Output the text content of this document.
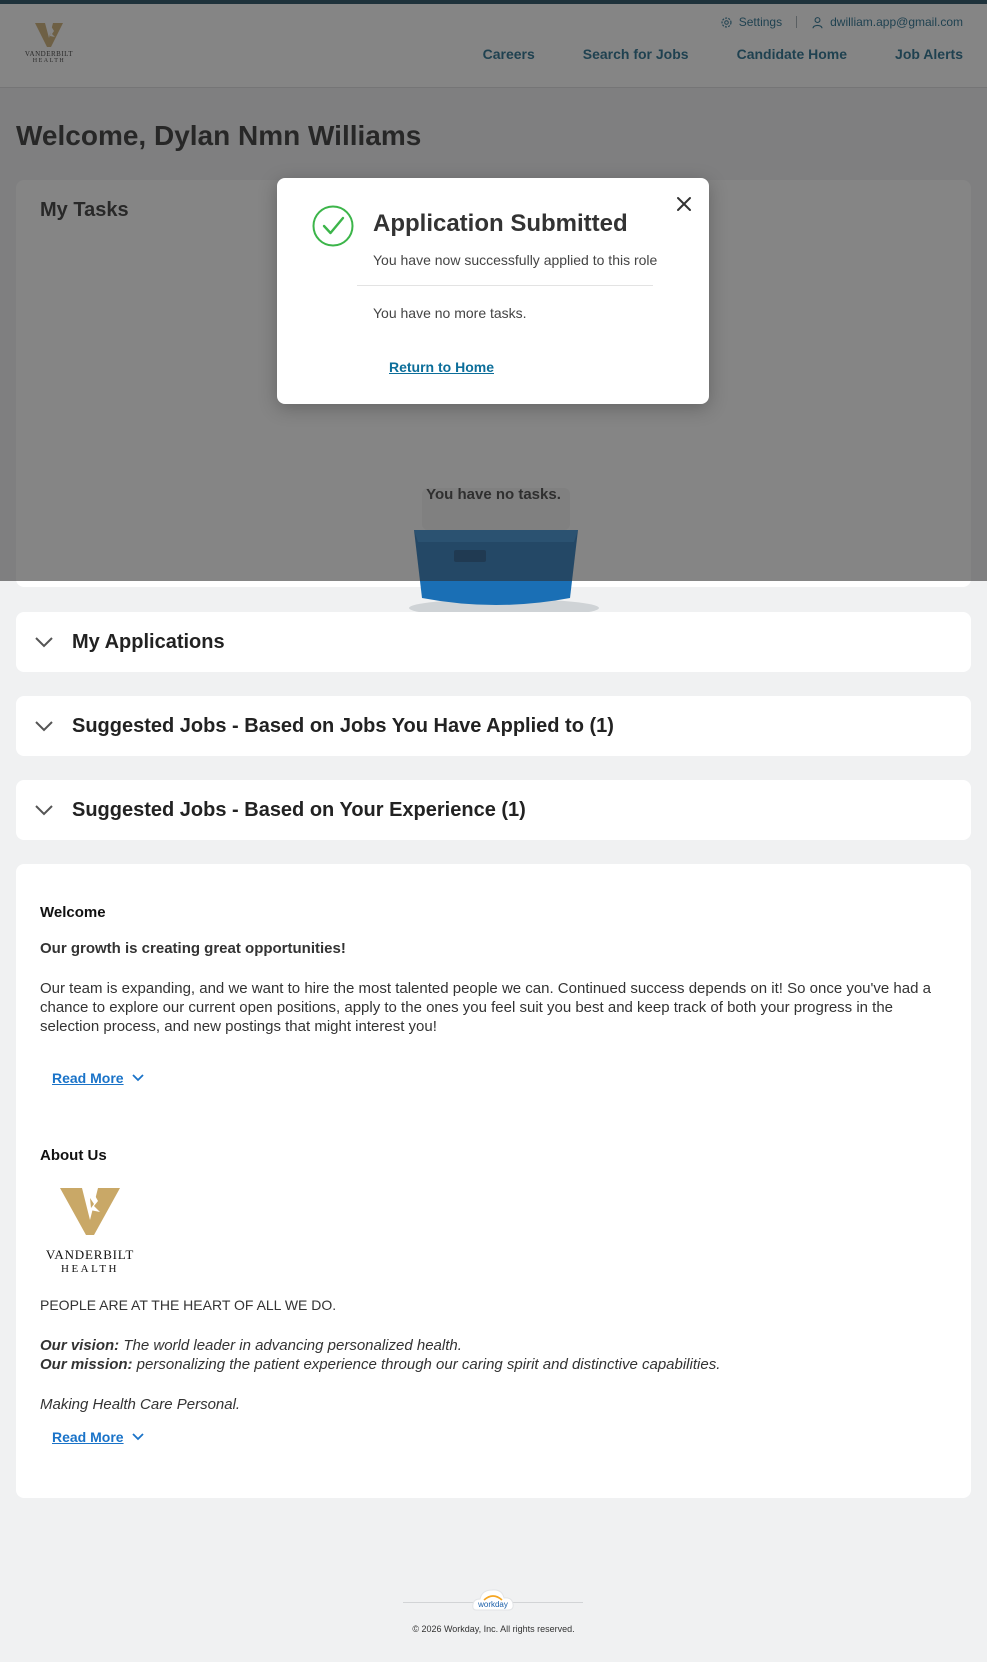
My Applications
Suggested Jobs - Based on Jobs You Have Applied to (1)
Suggested Jobs - Based on Your Experience (1)
Welcome
Our growth is creating great opportunities!
Our team is expanding, and we want to hire the most talented people we can. Continued success depends on it! So once you've had a chance to explore our current open positions, apply to the ones you feel suit you best and keep track of both your progress in the selection process, and new postings that might interest you!
Read More
About Us
VANDERBILT
HEALTH
PEOPLE ARE AT THE HEART OF ALL WE DO.
Our vision: The world leader in advancing personalized health.
Our mission: personalizing the patient experience through our caring spirit and distinctive capabilities.
Making Health Care Personal.
Read More
workday
© 2026 Workday, Inc. All rights reserved.
Application Submitted
You have now successfully applied to this role
You have no more tasks.
Return to Home
